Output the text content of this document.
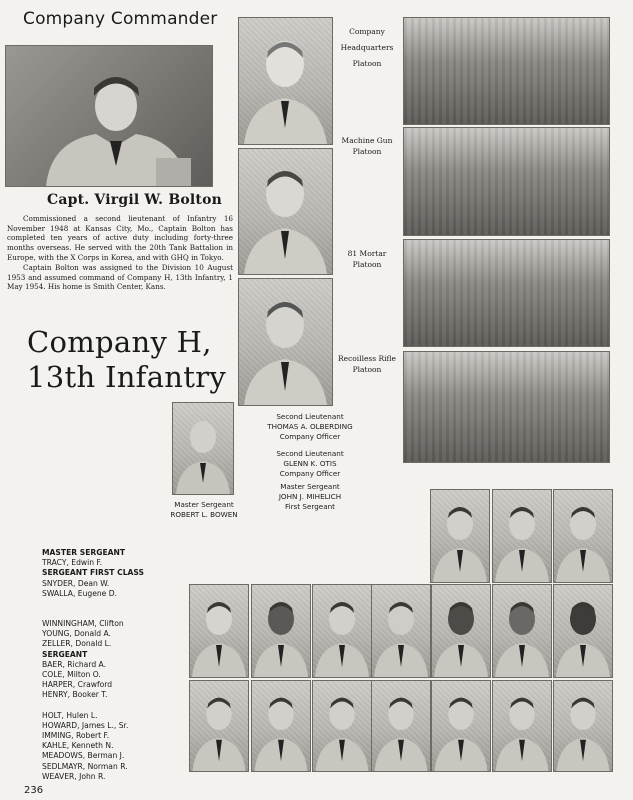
Company Commander
Capt. Virgil W. Bolton
Commissioned a second lieutenant of Infantry 16 November 1948 at Kansas City, Mo., Captain Bolton has completed ten years of active duty including forty-three months overseas. He served with the 20th Tank Battalion in Europe, with the X Corps in Korea, and with GHQ in Tokyo.
Captain Bolton was assigned to the Division 10 August 1953 and assumed command of Company H, 13th Infantry, 1 May 1954. His home is Smith Center, Kans.
Company H,
13th Infantry
Company
Headquarters
Platoon
Machine Gun
Platoon
81 Mortar
Platoon
Recoilless Rifle
Platoon
Master Sergeant
ROBERT L. BOWEN
Second Lieutenant
THOMAS A. OLBERDING
Company Officer
Second Lieutenant
GLENN K. OTIS
Company Officer
Master Sergeant
JOHN J. MIHELICH
First Sergeant
MASTER SERGEANT
TRACY, Edwin F.
SERGEANT FIRST CLASS
SNYDER, Dean W.
SWALLA, Eugene D.
WINNINGHAM, Clifton
YOUNG, Donald A.
ZELLER, Donald L.
SERGEANT
BAER, Richard A.
COLE, Milton O.
HARPER, Crawford
HENRY, Booker T.
HOLT, Hulen L.
HOWARD, James L., Sr.
IMMING, Robert F.
KAHLE, Kenneth N.
MEADOWS, Berman J.
SEDLMAYR, Norman R.
WEAVER, John R.
236
